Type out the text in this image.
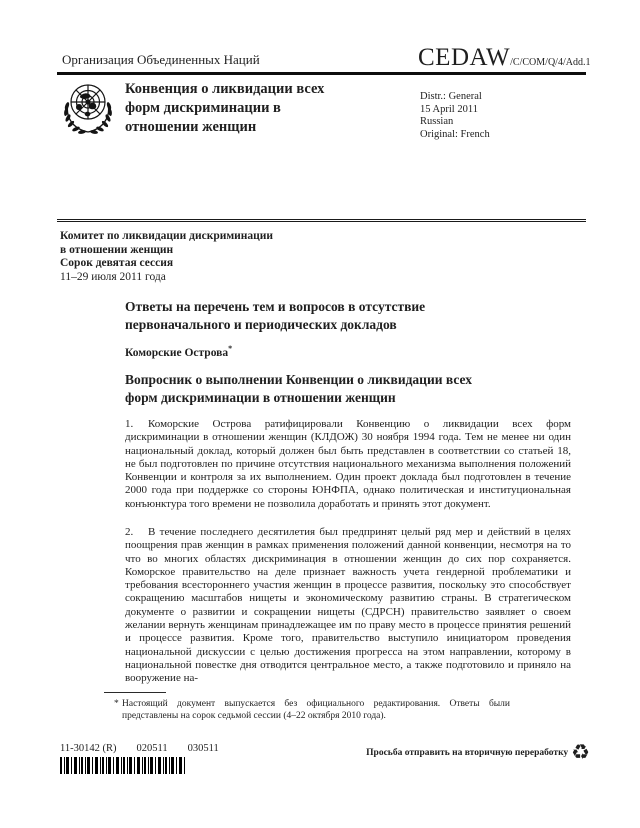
Организация Объединенных Наций	CEDAW/C/COM/Q/4/Add.1
Конвенция о ликвидации всех форм дискриминации в отношении женщин
Distr.: General
15 April 2011
Russian
Original: French
Комитет по ликвидации дискриминации
в отношении женщин
Сорок девятая сессия
11–29 июля 2011 года
Ответы на перечень тем и вопросов в отсутствие первоначального и периодических докладов
Коморские Острова*
Вопросник о выполнении Конвенции о ликвидации всех форм дискриминации в отношении женщин
1. Коморские Острова ратифицировали Конвенцию о ликвидации всех форм дискриминации в отношении женщин (КЛДОЖ) 30 ноября 1994 года. Тем не менее ни один национальный доклад, который должен был быть представлен в соответствии со статьей 18, не был подготовлен по причине отсутствия национального механизма выполнения положений Конвенции и контроля за их выполнением. Один проект доклада был подготовлен в течение 2000 года при поддержке со стороны ЮНФПА, однако политическая и институциональная конъюнктура того времени не позволила доработать и принять этот документ.
2. В течение последнего десятилетия был предпринят целый ряд мер и действий в целях поощрения прав женщин в рамках применения положений данной конвенции, несмотря на то что во многих областях дискриминация в отношении женщин до сих пор сохраняется. Коморское правительство на деле признает важность учета гендерной проблематики и требования всестороннего участия женщин в процессе развития, поскольку это способствует сокращению масштабов нищеты и экономическому развитию страны. В стратегическом документе о развитии и сокращении нищеты (СДРСН) правительство заявляет о своем желании вернуть женщинам принадлежащее им по праву место в процессе принятия решений и процессе развития. Кроме того, правительство выступило инициатором проведения национальной дискуссии с целью достижения прогресса на этом направлении, которому в национальной повестке дня отводится центральное место, а также подготовило и приняло на вооружение на-
* Настоящий документ выпускается без официального редактирования. Ответы были представлены на сорок седьмой сессии (4–22 октября 2010 года).
11-30142 (R) 020511 030511	Просьба отправить на вторичную переработку ♻
